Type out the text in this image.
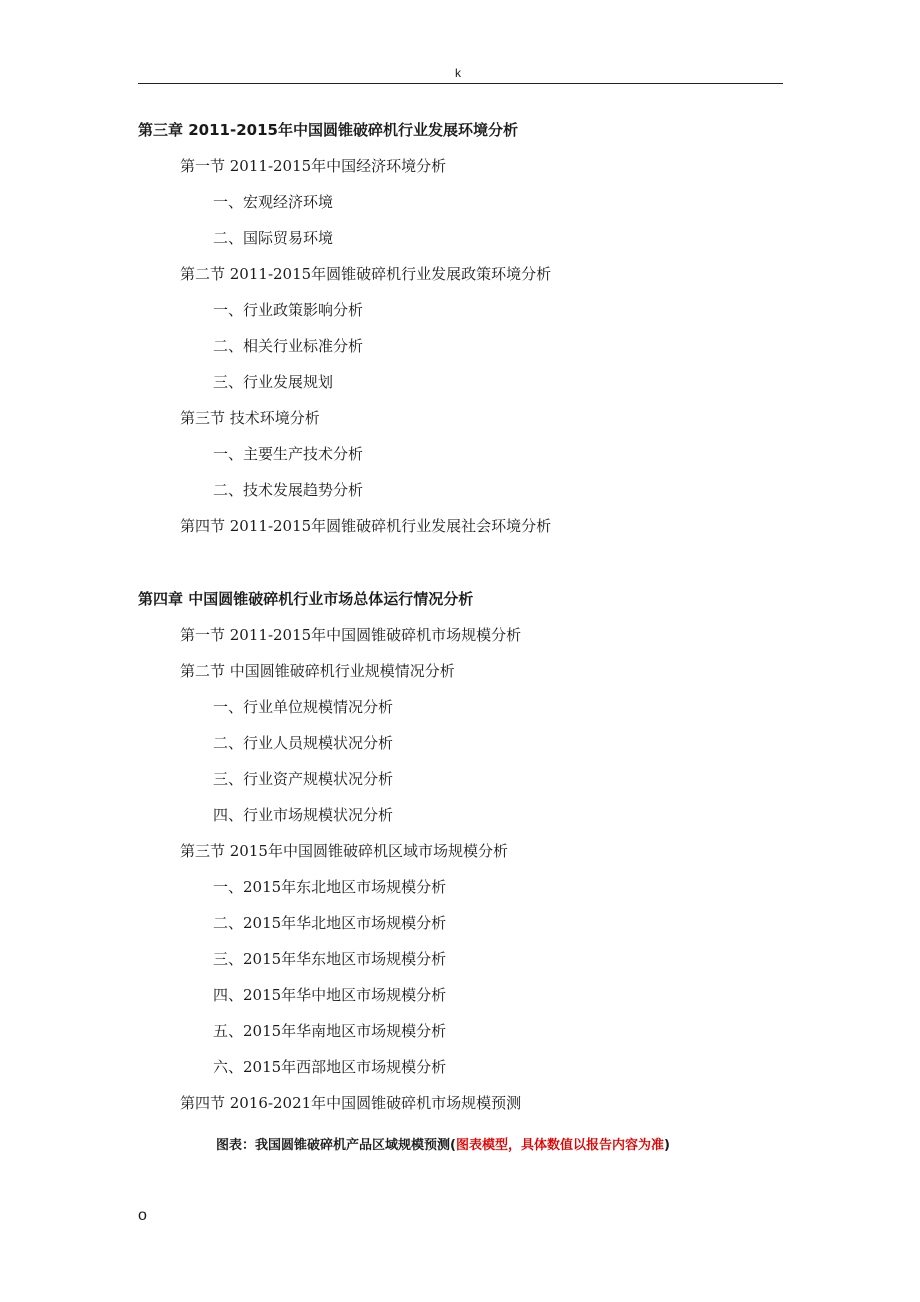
k
第三章 2011-2015年中国圆锥破碎机行业发展环境分析
第一节 2011-2015年中国经济环境分析
一、宏观经济环境
二、国际贸易环境
第二节 2011-2015年圆锥破碎机行业发展政策环境分析
一、行业政策影响分析
二、相关行业标准分析
三、行业发展规划
第三节 技术环境分析
一、主要生产技术分析
二、技术发展趋势分析
第四节 2011-2015年圆锥破碎机行业发展社会环境分析
第四章 中国圆锥破碎机行业市场总体运行情况分析
第一节 2011-2015年中国圆锥破碎机市场规模分析
第二节 中国圆锥破碎机行业规模情况分析
一、行业单位规模情况分析
二、行业人员规模状况分析
三、行业资产规模状况分析
四、行业市场规模状况分析
第三节 2015年中国圆锥破碎机区域市场规模分析
一、2015年东北地区市场规模分析
二、2015年华北地区市场规模分析
三、2015年华东地区市场规模分析
四、2015年华中地区市场规模分析
五、2015年华南地区市场规模分析
六、2015年西部地区市场规模分析
第四节 2016-2021年中国圆锥破碎机市场规模预测
图表：我国圆锥破碎机产品区域规模预测(图表模型，具体数值以报告内容为准)
o
